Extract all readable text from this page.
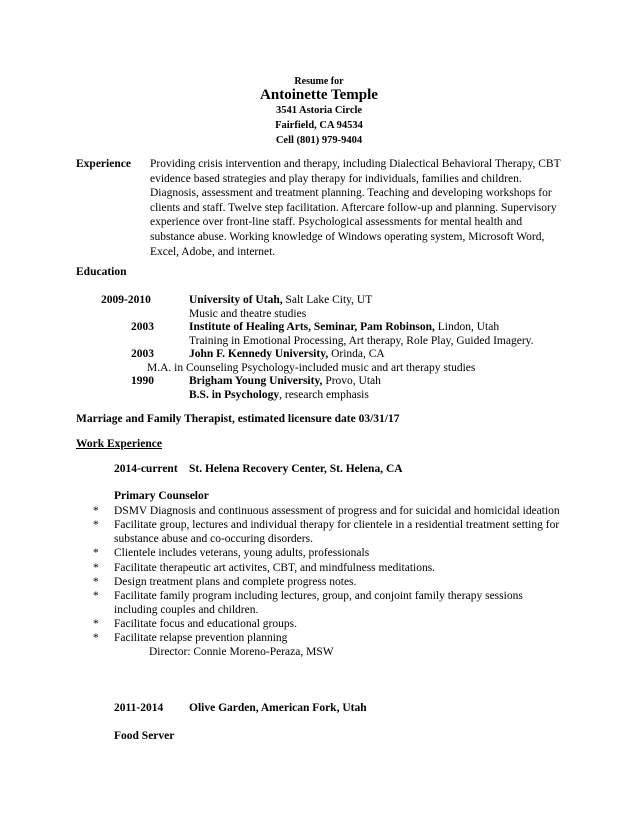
Resume for
Antoinette Temple
3541 Astoria Circle
Fairfield, CA 94534
Cell (801) 979-9404
Experience Providing crisis intervention and therapy, including Dialectical Behavioral Therapy, CBT
evidence based strategies and play therapy for individuals, families and children.
Diagnosis, assessment and treatment planning. Teaching and developing workshops for
clients and staff. Twelve step facilitation. Aftercare follow-up and planning. Supervisory
experience over front-line staff. Psychological assessments for mental health and
substance abuse. Working knowledge of Windows operating system, Microsoft Word,
Excel, Adobe, and internet.
Education
2009-2010	University of Utah, Salt Lake City, UT
Music and theatre studies
2003	Institute of Healing Arts, Seminar, Pam Robinson, Lindon, Utah
Training in Emotional Processing, Art therapy, Role Play, Guided Imagery.
2003	John F. Kennedy University, Orinda, CA
M.A. in Counseling Psychology-included music and art therapy studies
1990	Brigham Young University, Provo, Utah
B.S. in Psychology, research emphasis
Marriage and Family Therapist, estimated licensure date 03/31/17
Work Experience
2014-current St. Helena Recovery Center, St. Helena, CA
Primary Counselor
* DSMV Diagnosis and continuous assessment of progress and for suicidal and homicidal ideation
* Facilitate group, lectures and individual therapy for clientele in a residential treatment setting for
substance abuse and co-occuring disorders.
* Clientele includes veterans, young adults, professionals
* Facilitate therapeutic art activites, CBT, and mindfulness meditations.
* Design treatment plans and complete progress notes.
* Facilitate family program including lectures, group, and conjoint family therapy sessions
including couples and children.
* Facilitate focus and educational groups.
* Facilitate relapse prevention planning
Director: Connie Moreno-Peraza, MSW
2011-2014 Olive Garden, American Fork, Utah
Food Server
